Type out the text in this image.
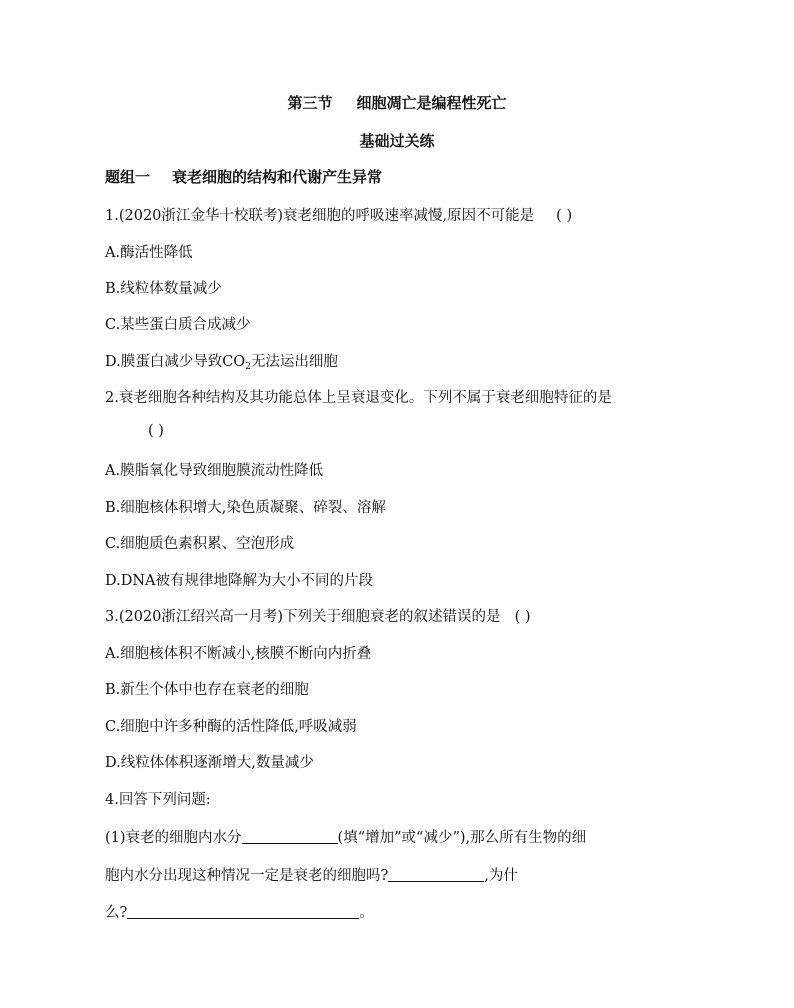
第三节 细胞凋亡是编程性死亡
基础过关练
题组一 衰老细胞的结构和代谢产生异常
1.(2020浙江金华十校联考)衰老细胞的呼吸速率减慢,原因不可能是 ( )
A.酶活性降低
B.线粒体数量减少
C.某些蛋白质合成减少
D.膜蛋白减少导致$CO_2$无法运出细胞
2.衰老细胞各种结构及其功能总体上呈衰退变化。下列不属于衰老细胞特征的是
( )
A.膜脂氧化导致细胞膜流动性降低
B.细胞核体积增大,染色质凝聚、碎裂、溶解
C.细胞质色素积累、空泡形成
D.DNA被有规律地降解为大小不同的片段
3.(2020浙江绍兴高一月考)下列关于细胞衰老的叙述错误的是 ( )
A.细胞核体积不断减小,核膜不断向内折叠
B.新生个体中也存在衰老的细胞
C.细胞中许多种酶的活性降低,呼吸减弱
D.线粒体体积逐渐增大,数量减少
4.回答下列问题:
(1)衰老的细胞内水分	(填“增加”或“减少”),那么所有生物的细
胞内水分出现这种情况一定是衰老的细胞吗?	,为什
么?	。
